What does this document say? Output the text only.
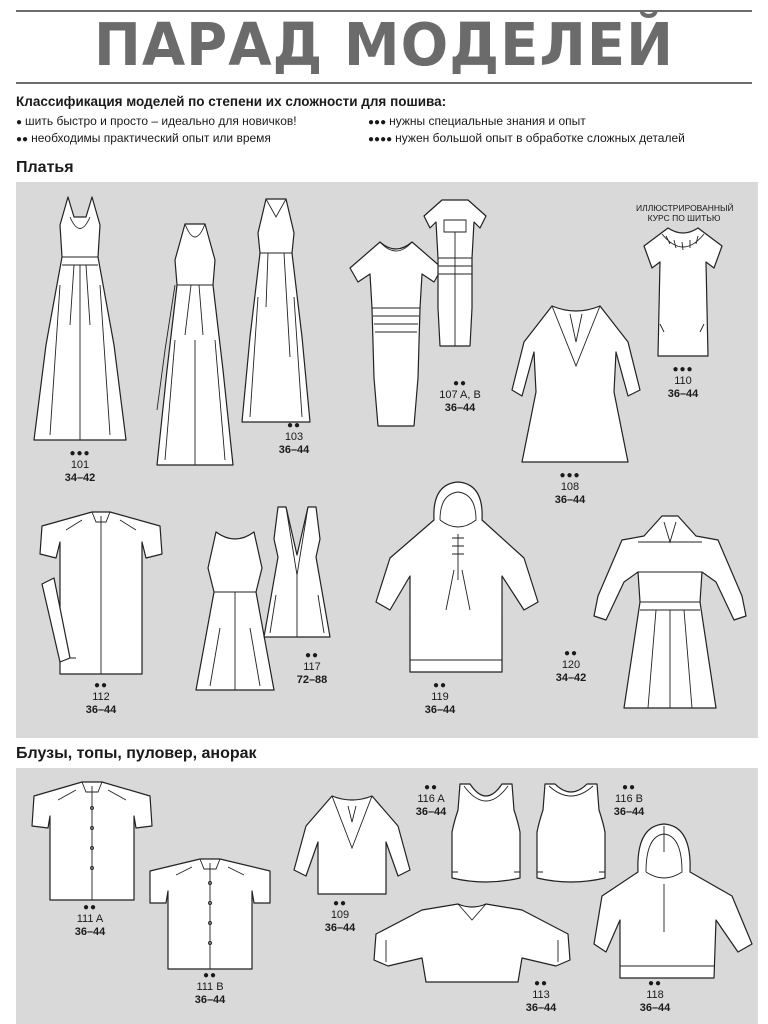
ПАРАД МОДЕЛЕЙ
Классификация моделей по степени их сложности для пошива:
● шить быстро и просто – идеально для новичков!
●● необходимы практический опыт или время
●●● нужны специальные знания и опыт
●●●● нужен большой опыт в обработке сложных деталей
Платья
Блузы, топы, пуловер, анорак
●●●
101
34–42
●●
103
36–44
●●
107 A, B
36–44
●●●
108
36–44
ИЛЛЮСТРИРОВАННЫЙ КУРС ПО ШИТЬЮ
●●●
110
36–44
●●
112
36–44
●●
117
72–88	●●
119
36–44
●●
120
34–42
●●
111 A
36–44
●●
111 B
36–44
●●
109
36–44
●●
116 A
36–44
●●
116 B
36–44
●●
113
36–44
●●
118
36–44
